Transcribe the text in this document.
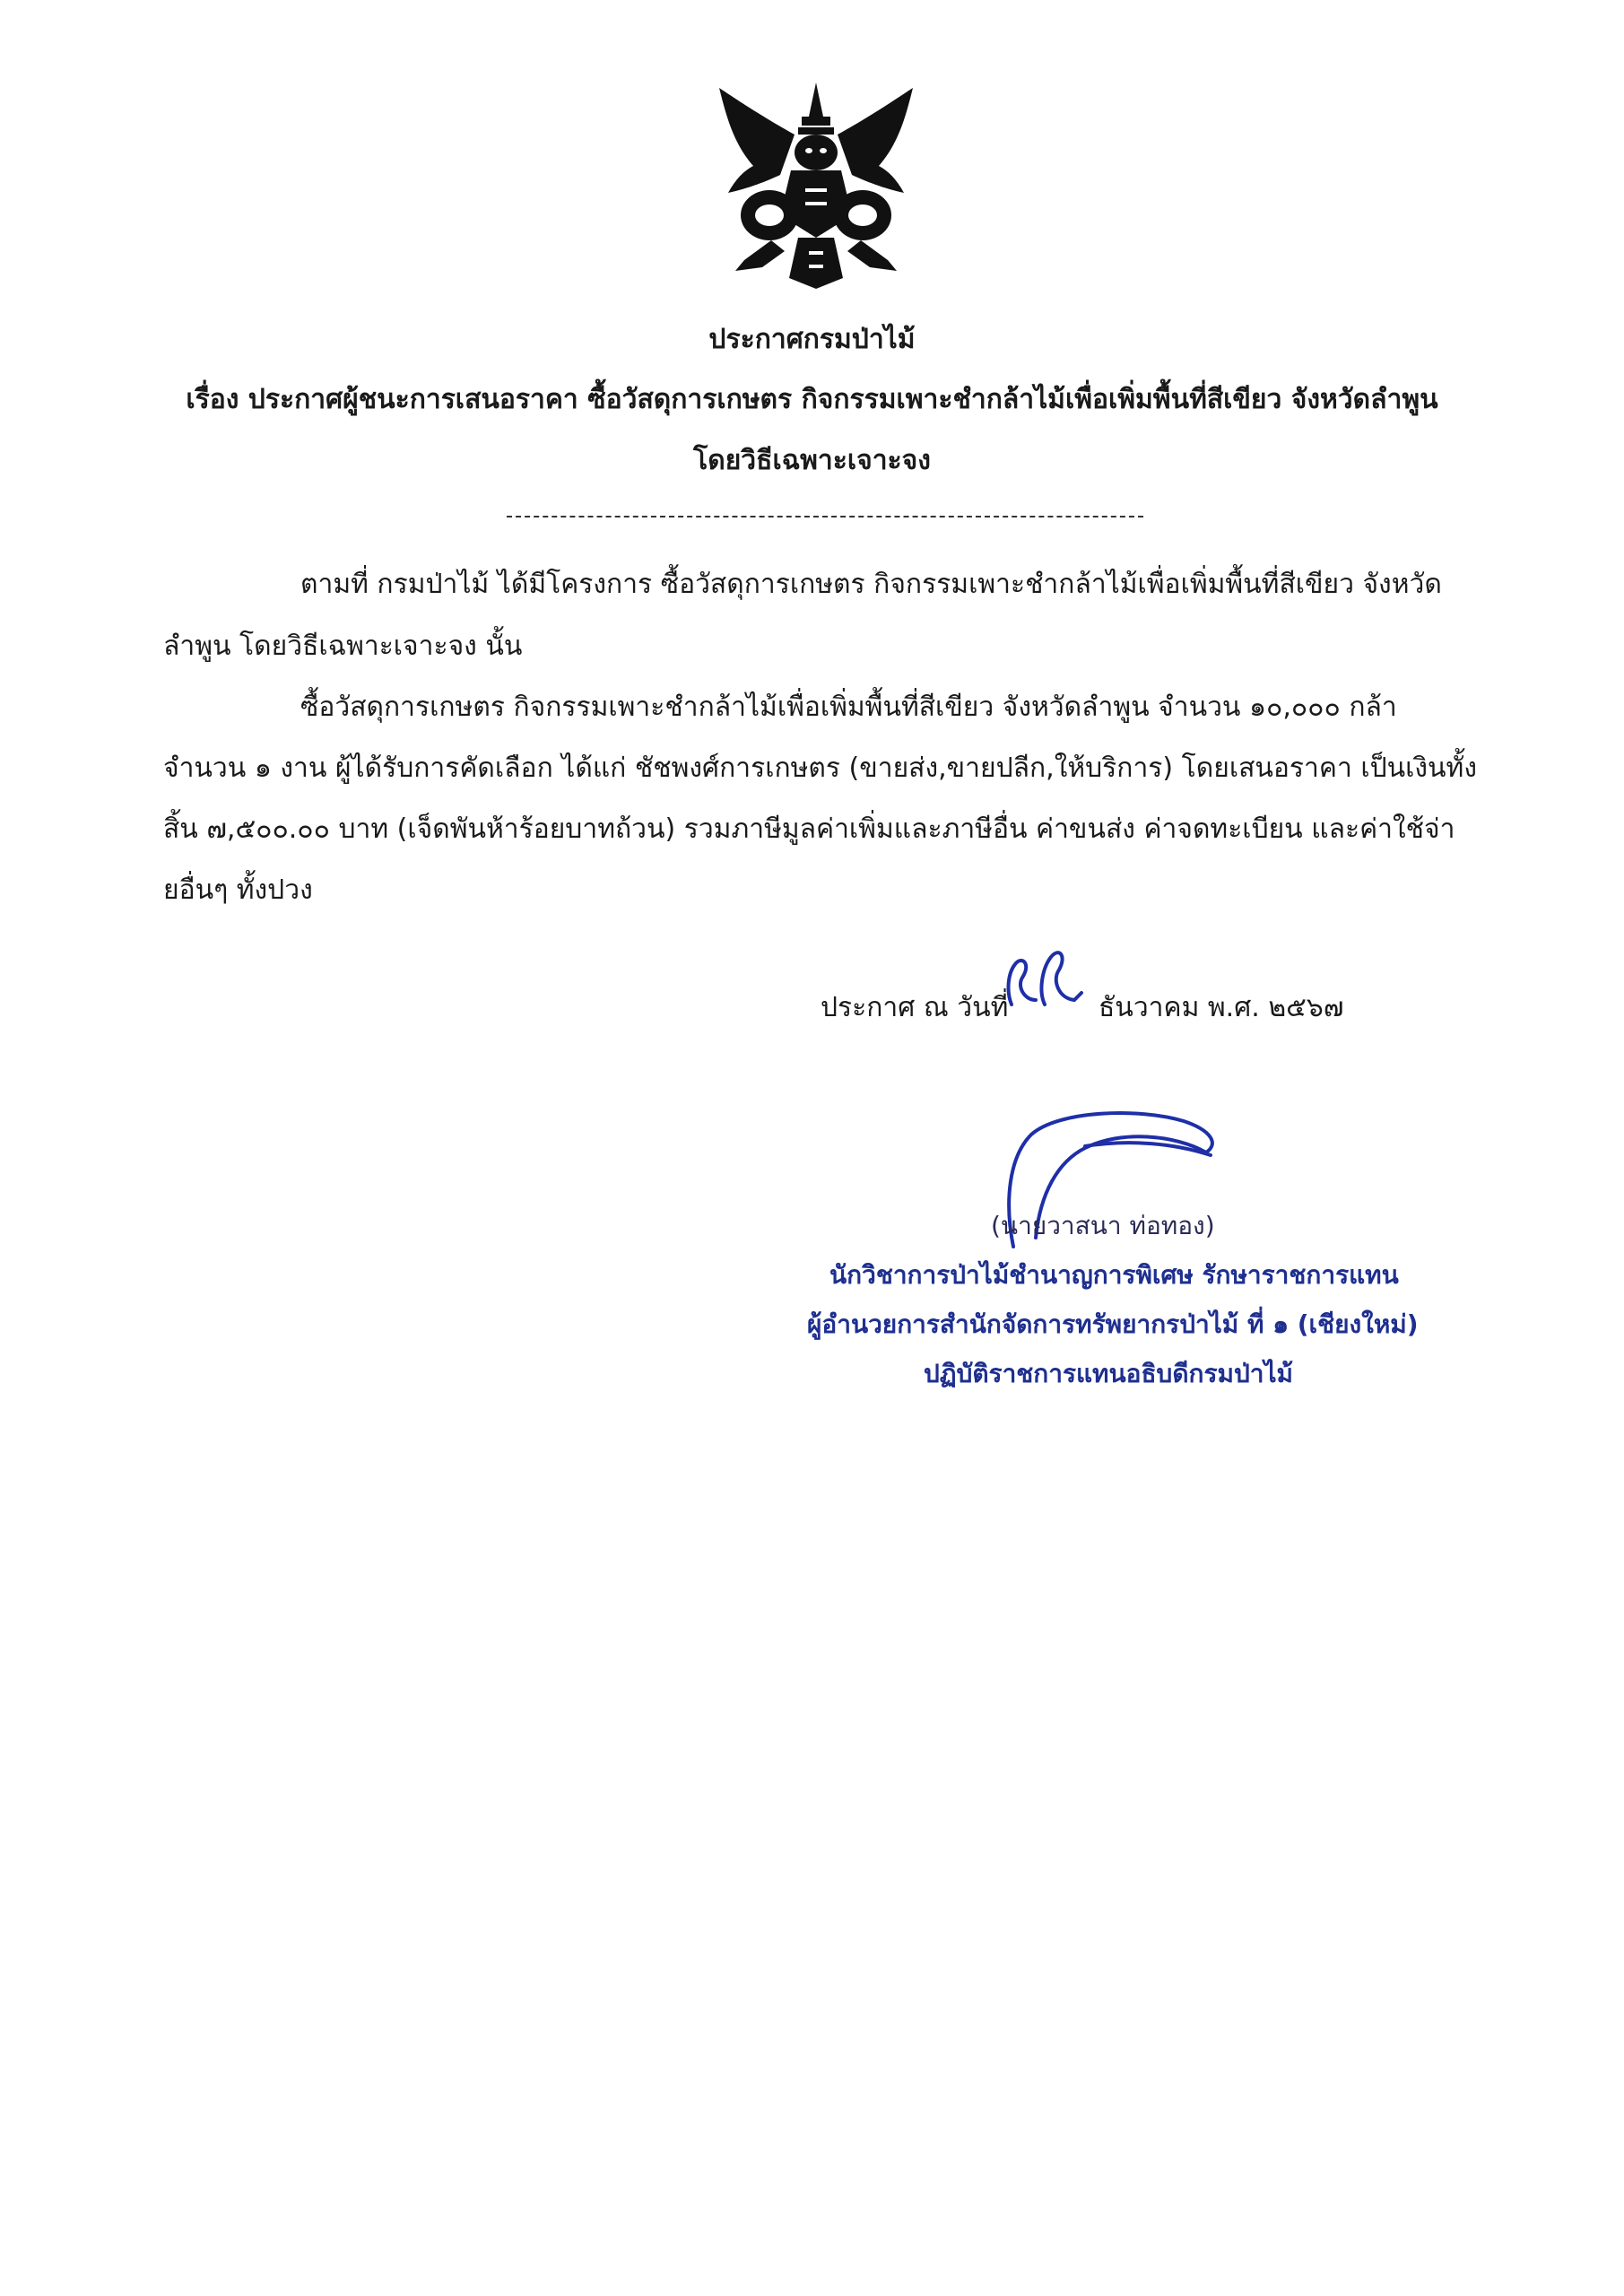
ประกาศกรมป่าไม้
เรื่อง ประกาศผู้ชนะการเสนอราคา ซื้อวัสดุการเกษตร กิจกรรมเพาะชำกล้าไม้เพื่อเพิ่มพื้นที่สีเขียว จังหวัดลำพูน
โดยวิธีเฉพาะเจาะจง
ตามที่ กรมป่าไม้ ได้มีโครงการ ซื้อวัสดุการเกษตร กิจกรรมเพาะชำกล้าไม้เพื่อเพิ่มพื้นที่สีเขียว จังหวัด
ลำพูน โดยวิธีเฉพาะเจาะจง นั้น
ซื้อวัสดุการเกษตร กิจกรรมเพาะชำกล้าไม้เพื่อเพิ่มพื้นที่สีเขียว จังหวัดลำพูน จำนวน ๑๐,๐๐๐ กล้า
จำนวน ๑ งาน ผู้ได้รับการคัดเลือก ได้แก่ ชัชพงศ์การเกษตร (ขายส่ง,ขายปลีก,ให้บริการ) โดยเสนอราคา เป็นเงินทั้ง
สิ้น ๗,๕๐๐.๐๐ บาท (เจ็ดพันห้าร้อยบาทถ้วน) รวมภาษีมูลค่าเพิ่มและภาษีอื่น ค่าขนส่ง ค่าจดทะเบียน และค่าใช้จ่า
ยอื่นๆ ทั้งปวง
ประกาศ ณ วันที่	ธันวาคม พ.ศ. ๒๕๖๗
(นายวาสนา ท่อทอง)
นักวิชาการป่าไม้ชำนาญการพิเศษ รักษาราชการแทน
ผู้อำนวยการสำนักจัดการทรัพยากรป่าไม้ ที่ ๑ (เชียงใหม่)
ปฏิบัติราชการแทนอธิบดีกรมป่าไม้
